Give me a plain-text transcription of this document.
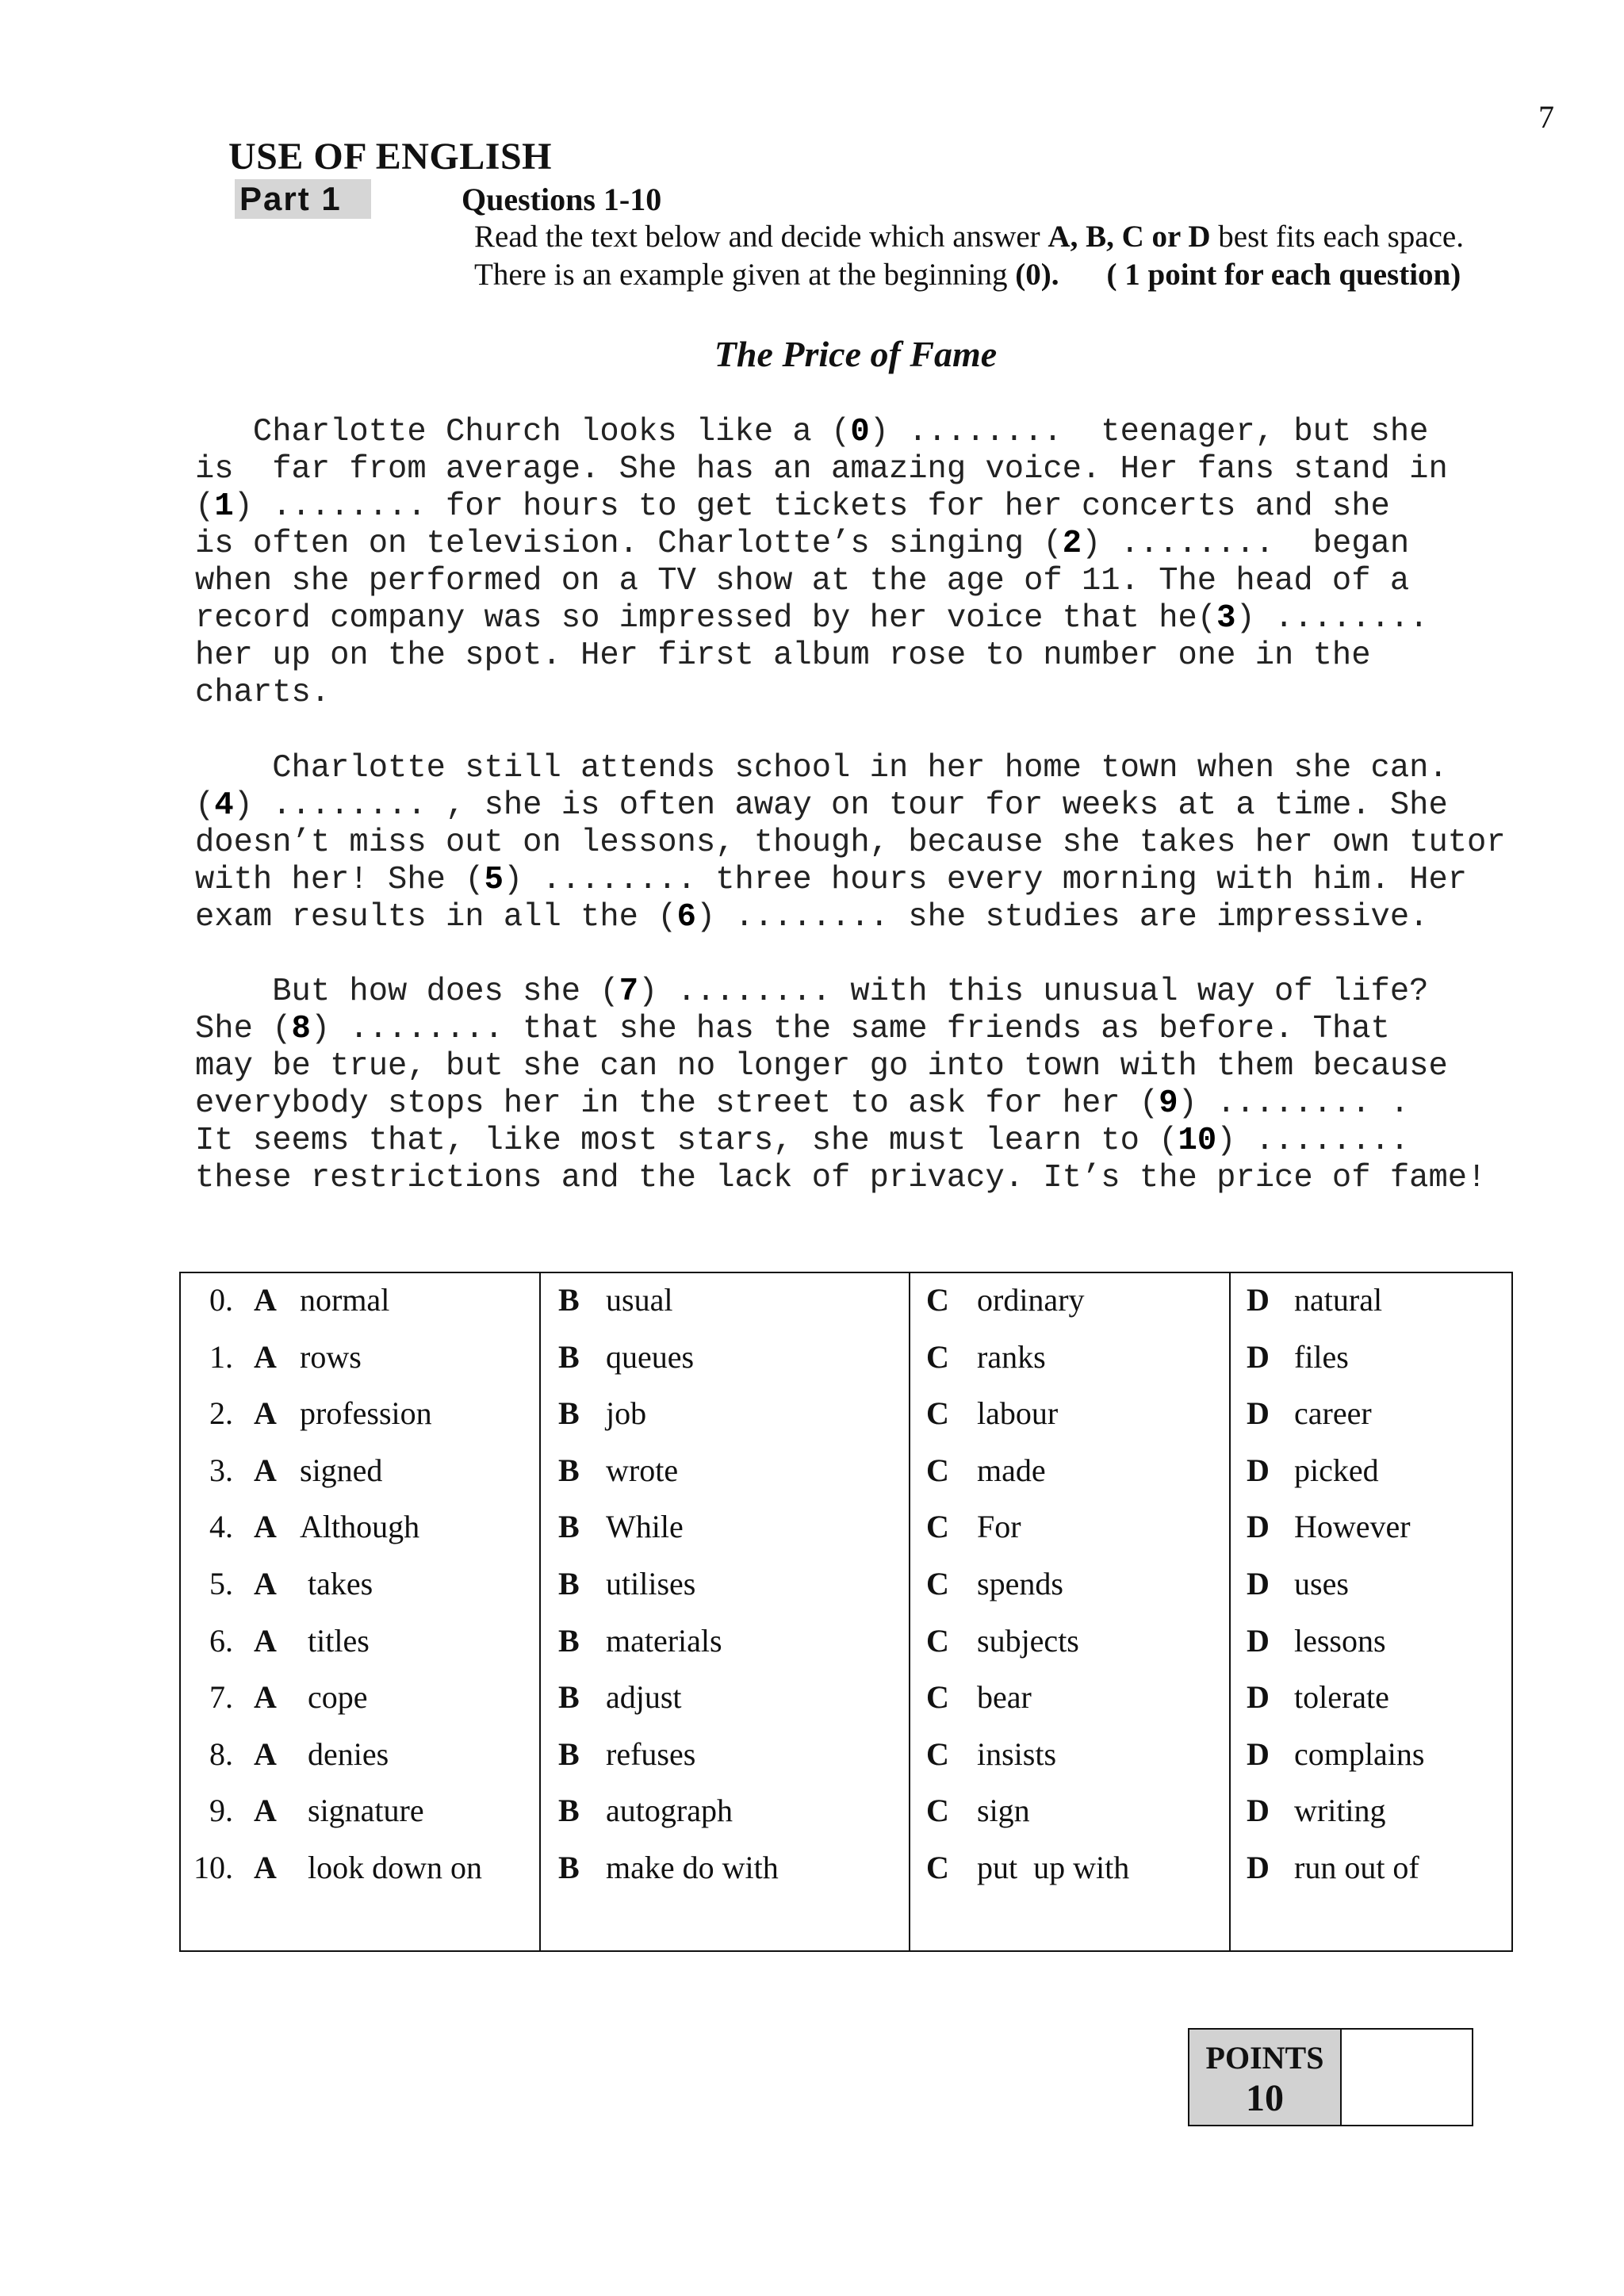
7
USE OF ENGLISH
Part 1	Questions 1-10
Read the text below and decide which answer A, B, C or D best fits each space.
There is an example given at the beginning (0). ( 1 point for each question)
The Price of Fame
Charlotte Church looks like a (0) ........  teenager, but she
is  far from average. She has an amazing voice. Her fans stand in
(1) ........ for hours to get tickets for her concerts and she
is often on television. Charlotte’s singing (2) ........  began
when she performed on a TV show at the age of 11. The head of a
record company was so impressed by her voice that he(3) ........
her up on the spot. Her first album rose to number one in the
charts.
Charlotte still attends school in her home town when she can.
(4) ........ , she is often away on tour for weeks at a time. She
doesn’t miss out on lessons, though, because she takes her own tutor
with her! She (5) ........ three hours every morning with him. Her
exam results in all the (6) ........ she studies are impressive.
But how does she (7) ........ with this unusual way of life?
She (8) ........ that she has the same friends as before. That
may be true, but she can no longer go into town with them because
everybody stops her in the street to ask for her (9) ........ .
It seems that, like most stars, she must learn to (10) ........
these restrictions and the lack of privacy. It’s the price of fame!
0. A normal	B usual	C ordinary	D natural
1. A rows	B queues	C ranks	D files
2. A profession	B job	C labour	D career
3. A signed	B wrote	C made	D picked
4. A Although	B While	C For	D However
5. A takes	B utilises	C spends	D uses
6. A titles	B materials	C subjects	D lessons
7. A cope	B adjust	C bear	D tolerate
8. A denies	B refuses	C insists	D complains
9. A signature	B autograph	C sign	D writing
10. A look down on B make do with	C put  up with	D run out of
POINTS
10
